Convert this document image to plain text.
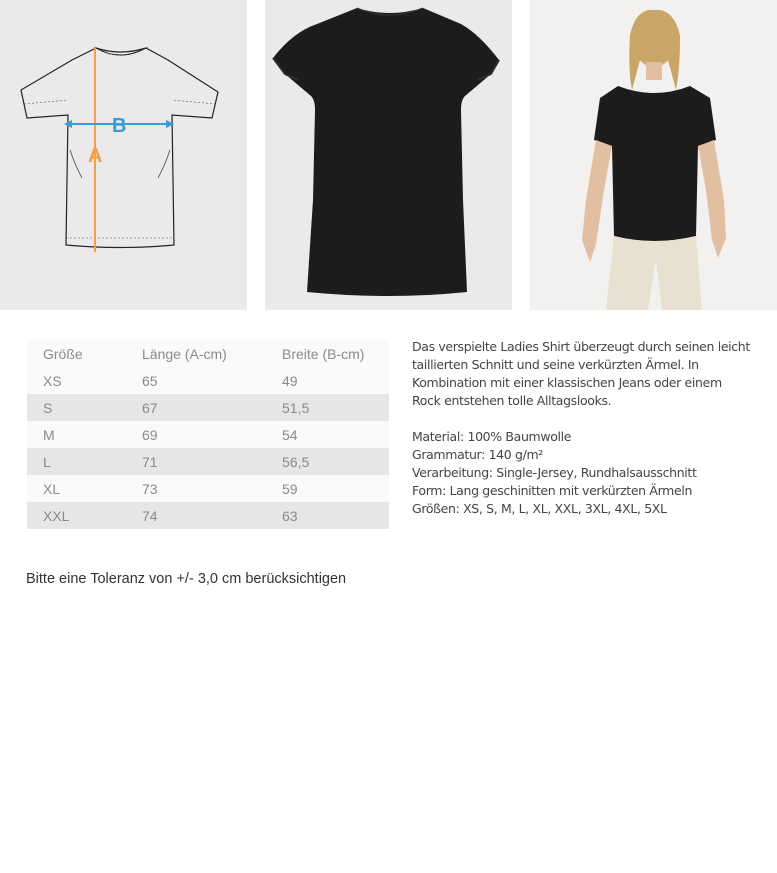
A
B
Größe	Länge (A-cm)	Breite (B-cm)
XS	65	49
S	67	51,5
M	69	54
L	71	56,5
XL	73	59
XXL	74	63

Das verspielte Ladies Shirt überzeugt durch seinen leicht taillierten Schnitt und seine verkürzten Ärmel. In Kombination mit einer klassischen Jeans oder einem Rock entstehen tolle Alltagslooks.

Material: 100% Baumwolle
Grammatur: 140 g/m²
Verarbeitung: Single-Jersey, Rundhalsausschnitt
Form: Lang geschinitten mit verkürzten Ärmeln
Größen: XS, S, M, L, XL, XXL, 3XL, 4XL, 5XL
Bitte eine Toleranz von +/- 3,0 cm berücksichtigen
